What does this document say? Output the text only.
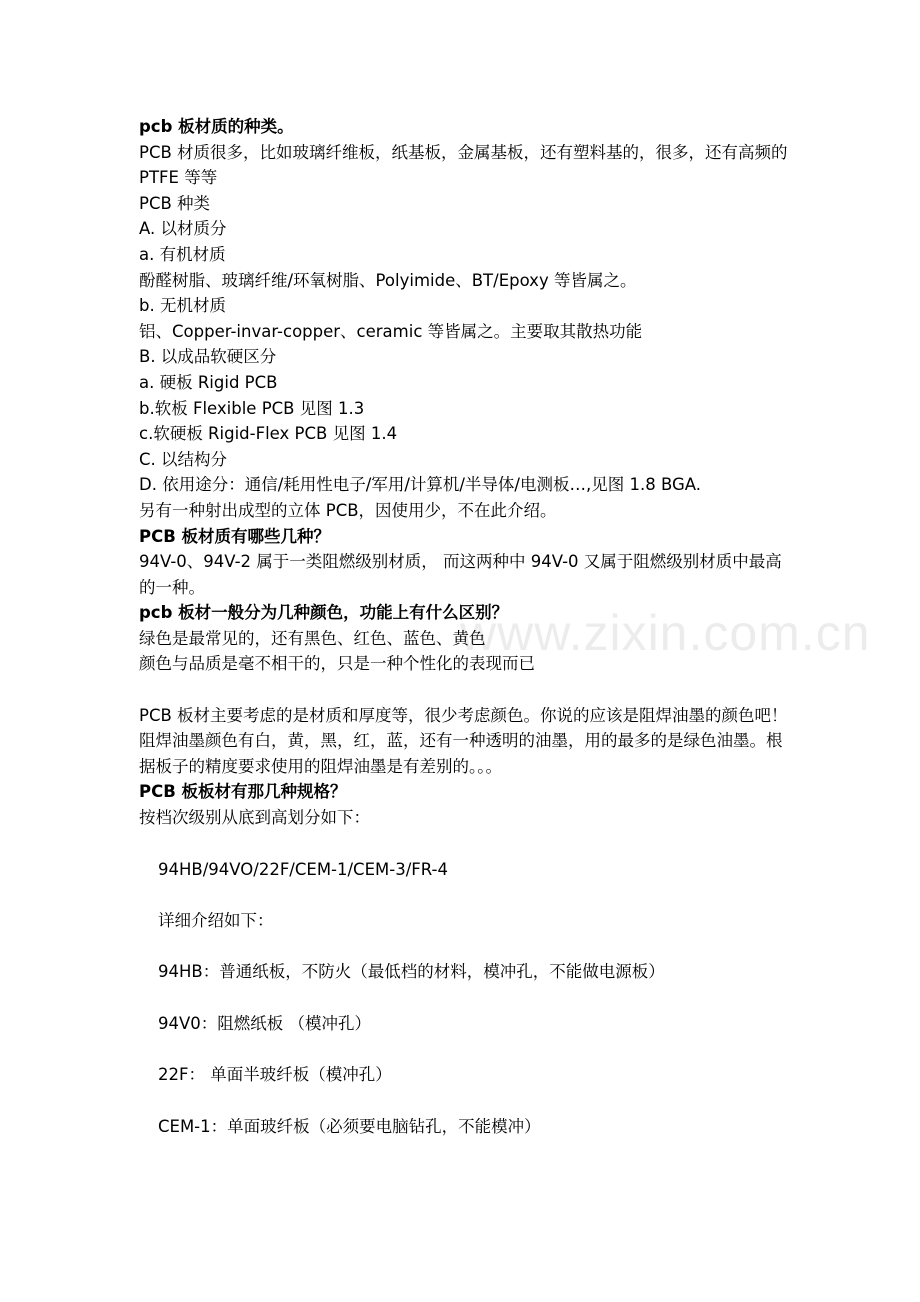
www.zixin.com.cn
pcb 板材质的种类。
PCB 材质很多，比如玻璃纤维板，纸基板，金属基板，还有塑料基的，很多，还有高频的 PTFE 等等
PCB 种类
A. 以材质分
a. 有机材质
酚醛树脂、玻璃纤维/环氧树脂、Polyimide、BT/Epoxy 等皆属之。
b. 无机材质
铝、Copper-invar-copper、ceramic 等皆属之。主要取其散热功能
B. 以成品软硬区分
a. 硬板 Rigid PCB
b.软板 Flexible PCB 见图 1.3
c.软硬板 Rigid-Flex PCB 见图 1.4
C. 以结构分
D. 依用途分：通信/耗用性电子/军用/计算机/半导体/电测板…,见图 1.8 BGA.
另有一种射出成型的立体 PCB，因使用少，不在此介绍。
PCB 板材质有哪些几种？
94V-0、94V-2 属于一类阻燃级别材质， 而这两种中 94V-0 又属于阻燃级别材质中最高的一种。
pcb 板材一般分为几种颜色，功能上有什么区别？
绿色是最常见的，还有黑色、红色、蓝色、黄色
颜色与品质是毫不相干的，只是一种个性化的表现而已
PCB 板材主要考虑的是材质和厚度等，很少考虑颜色。你说的应该是阻焊油墨的颜色吧！阻焊油墨颜色有白，黄，黑，红，蓝，还有一种透明的油墨，用的最多的是绿色油墨。根据板子的精度要求使用的阻焊油墨是有差别的。。。
PCB 板板材有那几种规格？
按档次级别从底到高划分如下：
94HB/94VO/22F/CEM-1/CEM-3/FR-4
详细介绍如下：
94HB：普通纸板，不防火（最低档的材料，模冲孔，不能做电源板）
94V0：阻燃纸板 （模冲孔）
22F： 单面半玻纤板（模冲孔）
CEM-1：单面玻纤板（必须要电脑钻孔，不能模冲）
